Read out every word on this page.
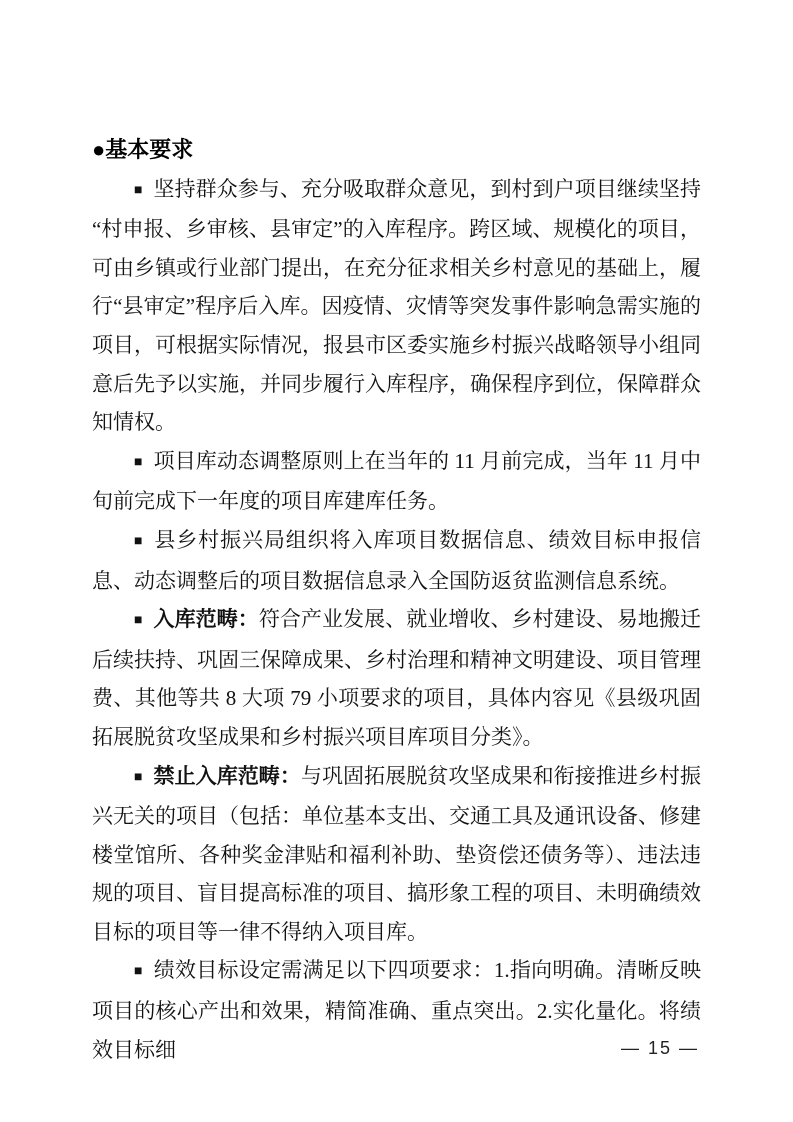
●基本要求

■ 坚持群众参与、充分吸取群众意见，到村到户项目继续坚持“村申报、乡审核、县审定”的入库程序。跨区域、规模化的项目，可由乡镇或行业部门提出，在充分征求相关乡村意见的基础上，履行“县审定”程序后入库。因疫情、灾情等突发事件影响急需实施的项目，可根据实际情况，报县市区委实施乡村振兴战略领导小组同意后先予以实施，并同步履行入库程序，确保程序到位，保障群众知情权。

■ 项目库动态调整原则上在当年的 11 月前完成，当年 11 月中旬前完成下一年度的项目库建库任务。

■ 县乡村振兴局组织将入库项目数据信息、绩效目标申报信息、动态调整后的项目数据信息录入全国防返贫监测信息系统。

■ 入库范畴：符合产业发展、就业增收、乡村建设、易地搬迁后续扶持、巩固三保障成果、乡村治理和精神文明建设、项目管理费、其他等共 8 大项 79 小项要求的项目，具体内容见《县级巩固拓展脱贫攻坚成果和乡村振兴项目库项目分类》。

■ 禁止入库范畴：与巩固拓展脱贫攻坚成果和衔接推进乡村振兴无关的项目（包括：单位基本支出、交通工具及通讯设备、修建楼堂馆所、各种奖金津贴和福利补助、垫资偿还债务等）、违法违规的项目、盲目提高标准的项目、搞形象工程的项目、未明确绩效目标的项目等一律不得纳入项目库。

■ 绩效目标设定需满足以下四项要求：1.指向明确。清晰反映项目的核心产出和效果，精简准确、重点突出。2.实化量化。将绩效目标细	— 15 —
